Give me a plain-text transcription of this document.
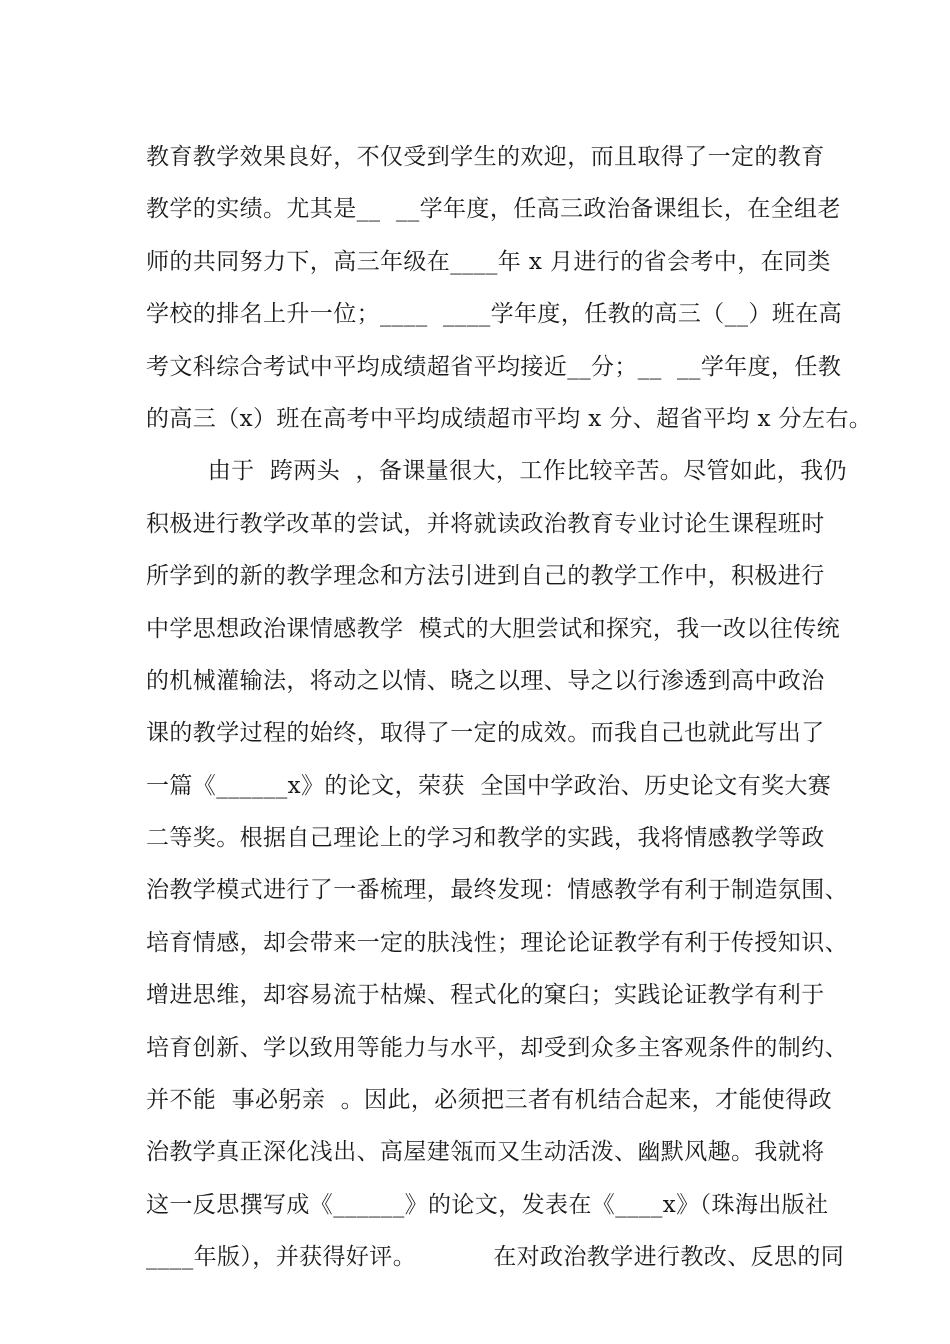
教育教学效果良好，不仅受到学生的欢迎，而且取得了一定的教育
教学的实绩。尤其是__  __学年度，任高三政治备课组长，在全组老
师的共同努力下，高三年级在____年 x 月进行的省会考中，在同类
学校的排名上升一位；____  ____学年度，任教的高三（__）班在高
考文科综合考试中平均成绩超省平均接近__分；__  __学年度，任教
的高三（x）班在高考中平均成绩超市平均 x 分、超省平均 x 分左右。
由于  跨两头  ，备课量很大，工作比较辛苦。尽管如此，我仍
积极进行教学改革的尝试，并将就读政治教育专业讨论生课程班时
所学到的新的教学理念和方法引进到自己的教学工作中，积极进行
中学思想政治课情感教学  模式的大胆尝试和探究，我一改以往传统
的机械灌输法，将动之以情、晓之以理、导之以行渗透到高中政治
课的教学过程的始终，取得了一定的成效。而我自己也就此写出了
一篇《______x》的论文，荣获  全国中学政治、历史论文有奖大赛
二等奖。根据自己理论上的学习和教学的实践，我将情感教学等政
治教学模式进行了一番梳理，最终发现：情感教学有利于制造氛围、
培育情感，却会带来一定的肤浅性；理论论证教学有利于传授知识、
增进思维，却容易流于枯燥、程式化的窠臼；实践论证教学有利于
培育创新、学以致用等能力与水平，却受到众多主客观条件的制约、
并不能  事必躬亲  。因此，必须把三者有机结合起来，才能使得政
治教学真正深化浅出、高屋建瓴而又生动活泼、幽默风趣。我就将
这一反思撰写成《______》的论文，发表在《____x》（珠海出版社
____年版），并获得好评。          在对政治教学进行教改、反思的同
